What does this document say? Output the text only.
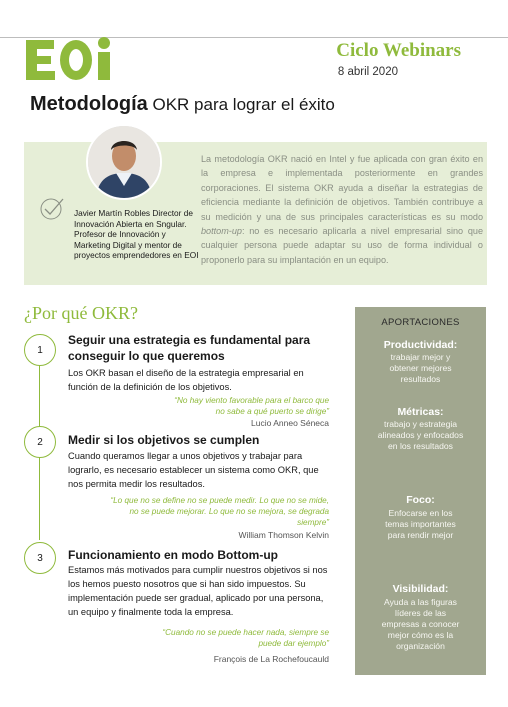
Ciclo Webinars
8 abril 2020
Metodología OKR para lograr el éxito
Javier Martín Robles Director de Innovación Abierta en Sngular. Profesor de Innovación y Marketing Digital y mentor de proyectos emprendedores en EOI
La metodología OKR nació en Intel y fue aplicada con gran éxito en la empresa e implementada posteriormente en grandes corporaciones. El sistema OKR ayuda a diseñar la estrategias de eficiencia mediante la definición de objetivos. También contribuye a su medición y una de sus principales características es su modo bottom-up: no es necesario aplicarla a nivel empresarial sino que cualquier persona puede adaptar su uso de forma individual o proponerlo para su implantación en un equipo.
¿Por qué OKR?
1
Seguir una estrategia es fundamental para conseguir lo que queremos
Los OKR basan el diseño de la estrategia empresarial en función de la definición de los objetivos.
“No hay viento favorable para el barco que no sabe a qué puerto se dirige”
Lucio Anneo Séneca
2	Medir si los objetivos se cumplen
Cuando queramos llegar a unos objetivos y trabajar para lograrlo, es necesario establecer un sistema como OKR, que nos permita medir los resultados.
“Lo que no se define no se puede medir. Lo que no se mide, no se puede mejorar. Lo que no se mejora, se degrada siempre”
William Thomson Kelvin
3	Funcionamiento en modo Bottom-up
Estamos más motivados para cumplir nuestros objetivos si nos los hemos puesto nosotros que si han sido impuestos. Su implementación puede ser gradual, aplicado por una persona, un equipo y finalmente toda la empresa.
“Cuando no se puede hacer nada, siempre se puede dar ejemplo”
François de La Rochefoucauld
APORTACIONES
Productividad:
trabajar mejor y obtener mejores resultados
Métricas:
trabajo y estrategia alineados y enfocados en los resultados
Foco:
Enfocarse en los temas importantes para rendir mejor
Visibilidad:
Ayuda a las figuras líderes de las empresas a conocer mejor cómo es la organización
